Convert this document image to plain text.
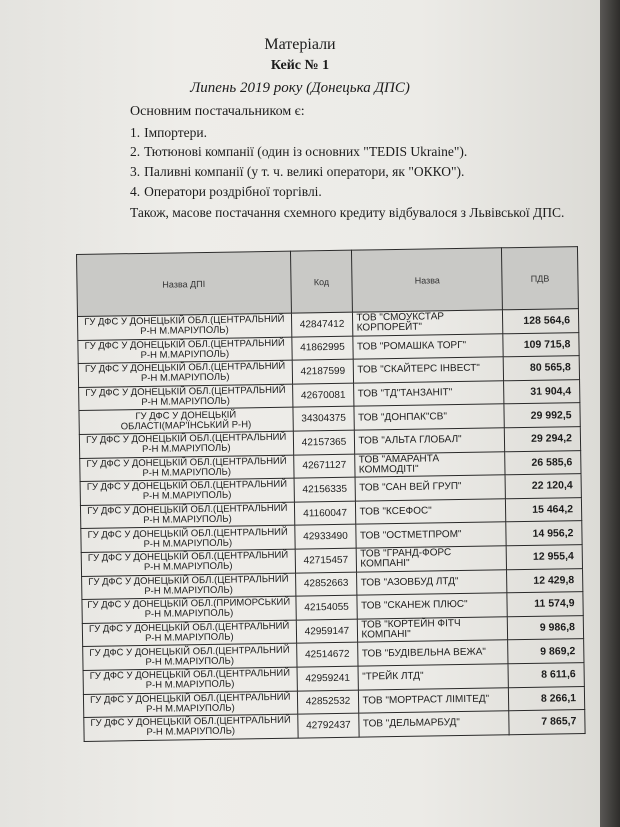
Матеріали
Кейс № 1
Липень 2019 року (Донецька ДПС)
Основним постачальником є:
1. Імпортери.
2. Тютюнові компанії (один із основних "TEDIS Ukraine").
3. Паливні компанії (у т. ч. великі оператори, як "ОККО").
4. Оператори роздрібної торгівлі.
Також, масове постачання схемного кредиту відбувалося з Львівської ДПС.
Назва ДПІ	Код	Назва	ПДВ
ГУ ДФС У ДОНЕЦЬКІЙ ОБЛ.(ЦЕНТРАЛЬНИЙ Р-Н М.МАРІУПОЛЬ)	42847412	ТОВ "СМОУКСТАР КОРПОРЕЙТ"	128 564,6
ГУ ДФС У ДОНЕЦЬКІЙ ОБЛ.(ЦЕНТРАЛЬНИЙ Р-Н М.МАРІУПОЛЬ)	41862995	ТОВ "РОМАШКА ТОРГ"	109 715,8
ГУ ДФС У ДОНЕЦЬКІЙ ОБЛ.(ЦЕНТРАЛЬНИЙ Р-Н М.МАРІУПОЛЬ)	42187599	ТОВ "СКАЙТЕРС ІНВЕСТ"	80 565,8
ГУ ДФС У ДОНЕЦЬКІЙ ОБЛ.(ЦЕНТРАЛЬНИЙ Р-Н М.МАРІУПОЛЬ)	42670081	ТОВ "ТД"ТАНЗАНІТ"	31 904,4
ГУ ДФС У ДОНЕЦЬКІЙ ОБЛАСТІ(МАР'ЇНСЬКИЙ Р-Н)	34304375	ТОВ "ДОНПАК"СВ"	29 992,5
ГУ ДФС У ДОНЕЦЬКІЙ ОБЛ.(ЦЕНТРАЛЬНИЙ Р-Н М.МАРІУПОЛЬ)	42157365	ТОВ "АЛЬТА ГЛОБАЛ"	29 294,2
ГУ ДФС У ДОНЕЦЬКІЙ ОБЛ.(ЦЕНТРАЛЬНИЙ Р-Н М.МАРІУПОЛЬ)	42671127	ТОВ "АМАРАНТА КОММОДІТІ"	26 585,6
ГУ ДФС У ДОНЕЦЬКІЙ ОБЛ.(ЦЕНТРАЛЬНИЙ Р-Н М.МАРІУПОЛЬ)	42156335	ТОВ "САН ВЕЙ ГРУП"	22 120,4
ГУ ДФС У ДОНЕЦЬКІЙ ОБЛ.(ЦЕНТРАЛЬНИЙ Р-Н М.МАРІУПОЛЬ)	41160047	ТОВ "КСЕФОС"	15 464,2
ГУ ДФС У ДОНЕЦЬКІЙ ОБЛ.(ЦЕНТРАЛЬНИЙ Р-Н М.МАРІУПОЛЬ)	42933490	ТОВ "ОСТМЕТПРОМ"	14 956,2
ГУ ДФС У ДОНЕЦЬКІЙ ОБЛ.(ЦЕНТРАЛЬНИЙ Р-Н М.МАРІУПОЛЬ)	42715457	ТОВ "ГРАНД-ФОРС КОМПАНІ"	12 955,4
ГУ ДФС У ДОНЕЦЬКІЙ ОБЛ.(ЦЕНТРАЛЬНИЙ Р-Н М.МАРІУПОЛЬ)	42852663	ТОВ "АЗОВБУД ЛТД"	12 429,8
ГУ ДФС У ДОНЕЦЬКІЙ ОБЛ.(ПРИМОРСЬКИЙ Р-Н М.МАРІУПОЛЬ)	42154055	ТОВ "СКАНЕЖ ПЛЮС"	11 574,9
ГУ ДФС У ДОНЕЦЬКІЙ ОБЛ.(ЦЕНТРАЛЬНИЙ Р-Н М.МАРІУПОЛЬ)	42959147	ТОВ "КОРТЕЙН ФІТЧ КОМПАНІ"	9 986,8
ГУ ДФС У ДОНЕЦЬКІЙ ОБЛ.(ЦЕНТРАЛЬНИЙ Р-Н М.МАРІУПОЛЬ)	42514672	ТОВ "БУДІВЕЛЬНА ВЕЖА"	9 869,2
ГУ ДФС У ДОНЕЦЬКІЙ ОБЛ.(ЦЕНТРАЛЬНИЙ Р-Н М.МАРІУПОЛЬ)	42959241	"ТРЕЙК ЛТД"	8 611,6
ГУ ДФС У ДОНЕЦЬКІЙ ОБЛ.(ЦЕНТРАЛЬНИЙ Р-Н М.МАРІУПОЛЬ)	42852532	ТОВ "МОРТРАСТ ЛІМІТЕД"	8 266,1
ГУ ДФС У ДОНЕЦЬКІЙ ОБЛ.(ЦЕНТРАЛЬНИЙ Р-Н М.МАРІУПОЛЬ)	42792437	ТОВ "ДЕЛЬМАРБУД"	7 865,7
